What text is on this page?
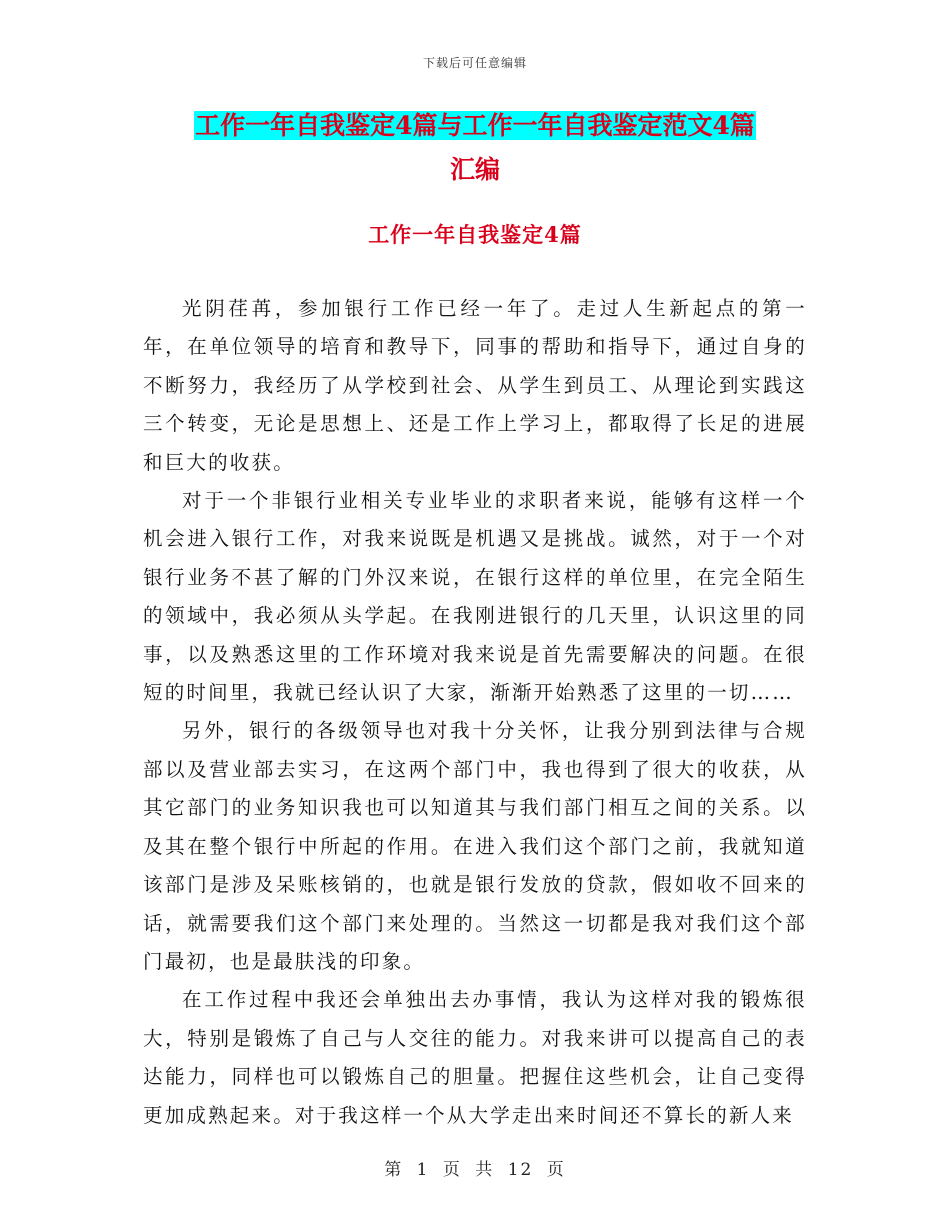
下载后可任意编辑
工作一年自我鉴定4篇与工作一年自我鉴定范文4篇
汇编
工作一年自我鉴定4篇

光阴荏苒，参加银行工作已经一年了。走过人生新起点的第一年，在单位领导的培育和教导下，同事的帮助和指导下，通过自身的不断努力，我经历了从学校到社会、从学生到员工、从理论到实践这三个转变，无论是思想上、还是工作上学习上，都取得了长足的进展和巨大的收获。

对于一个非银行业相关专业毕业的求职者来说，能够有这样一个机会进入银行工作，对我来说既是机遇又是挑战。诚然，对于一个对银行业务不甚了解的门外汉来说，在银行这样的单位里，在完全陌生的领域中，我必须从头学起。在我刚进银行的几天里，认识这里的同事，以及熟悉这里的工作环境对我来说是首先需要解决的问题。在很短的时间里，我就已经认识了大家，渐渐开始熟悉了这里的一切……

另外，银行的各级领导也对我十分关怀，让我分别到法律与合规部以及营业部去实习，在这两个部门中，我也得到了很大的收获，从其它部门的业务知识我也可以知道其与我们部门相互之间的关系。以及其在整个银行中所起的作用。在进入我们这个部门之前，我就知道该部门是涉及呆账核销的，也就是银行发放的贷款，假如收不回来的话，就需要我们这个部门来处理的。当然这一切都是我对我们这个部门最初，也是最肤浅的印象。

在工作过程中我还会单独出去办事情，我认为这样对我的锻炼很大，特别是锻炼了自己与人交往的能力。对我来讲可以提高自己的表达能力，同样也可以锻炼自己的胆量。把握住这些机会，让自己变得更加成熟起来。对于我这样一个从大学走出来时间还不算长的新人来

第 1 页 共 12 页
